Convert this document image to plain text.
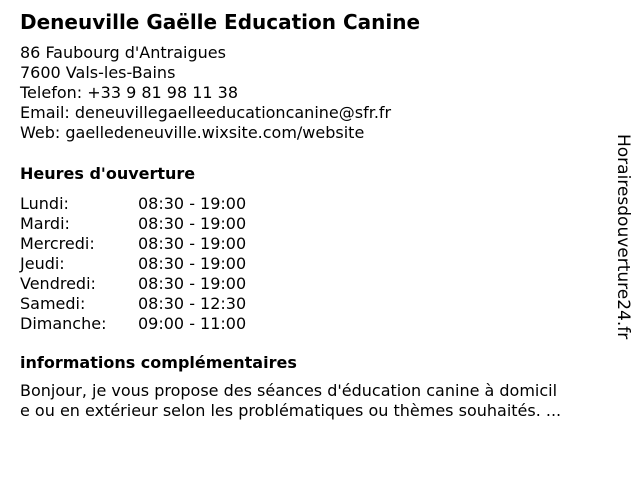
Deneuville Gaëlle Education Canine
86 Faubourg d'Antraigues
7600 Vals-les-Bains
Telefon: +33 9 81 98 11 38
Email: deneuvillegaelleeducationcanine@sfr.fr
Web: gaelledeneuville.wixsite.com/website
Heures d'ouverture
Lundi:	08:30 - 19:00
Mardi:	08:30 - 19:00
Mercredi:	08:30 - 19:00
Jeudi:	08:30 - 19:00
Vendredi:	08:30 - 19:00
Samedi:	08:30 - 12:30
Dimanche: 09:00 - 11:00
informations complémentaires
Bonjour, je vous propose des séances d'éducation canine à domicil
e ou en extérieur selon les problématiques ou thèmes souhaités. ...
Horairesdouverture24.fr
